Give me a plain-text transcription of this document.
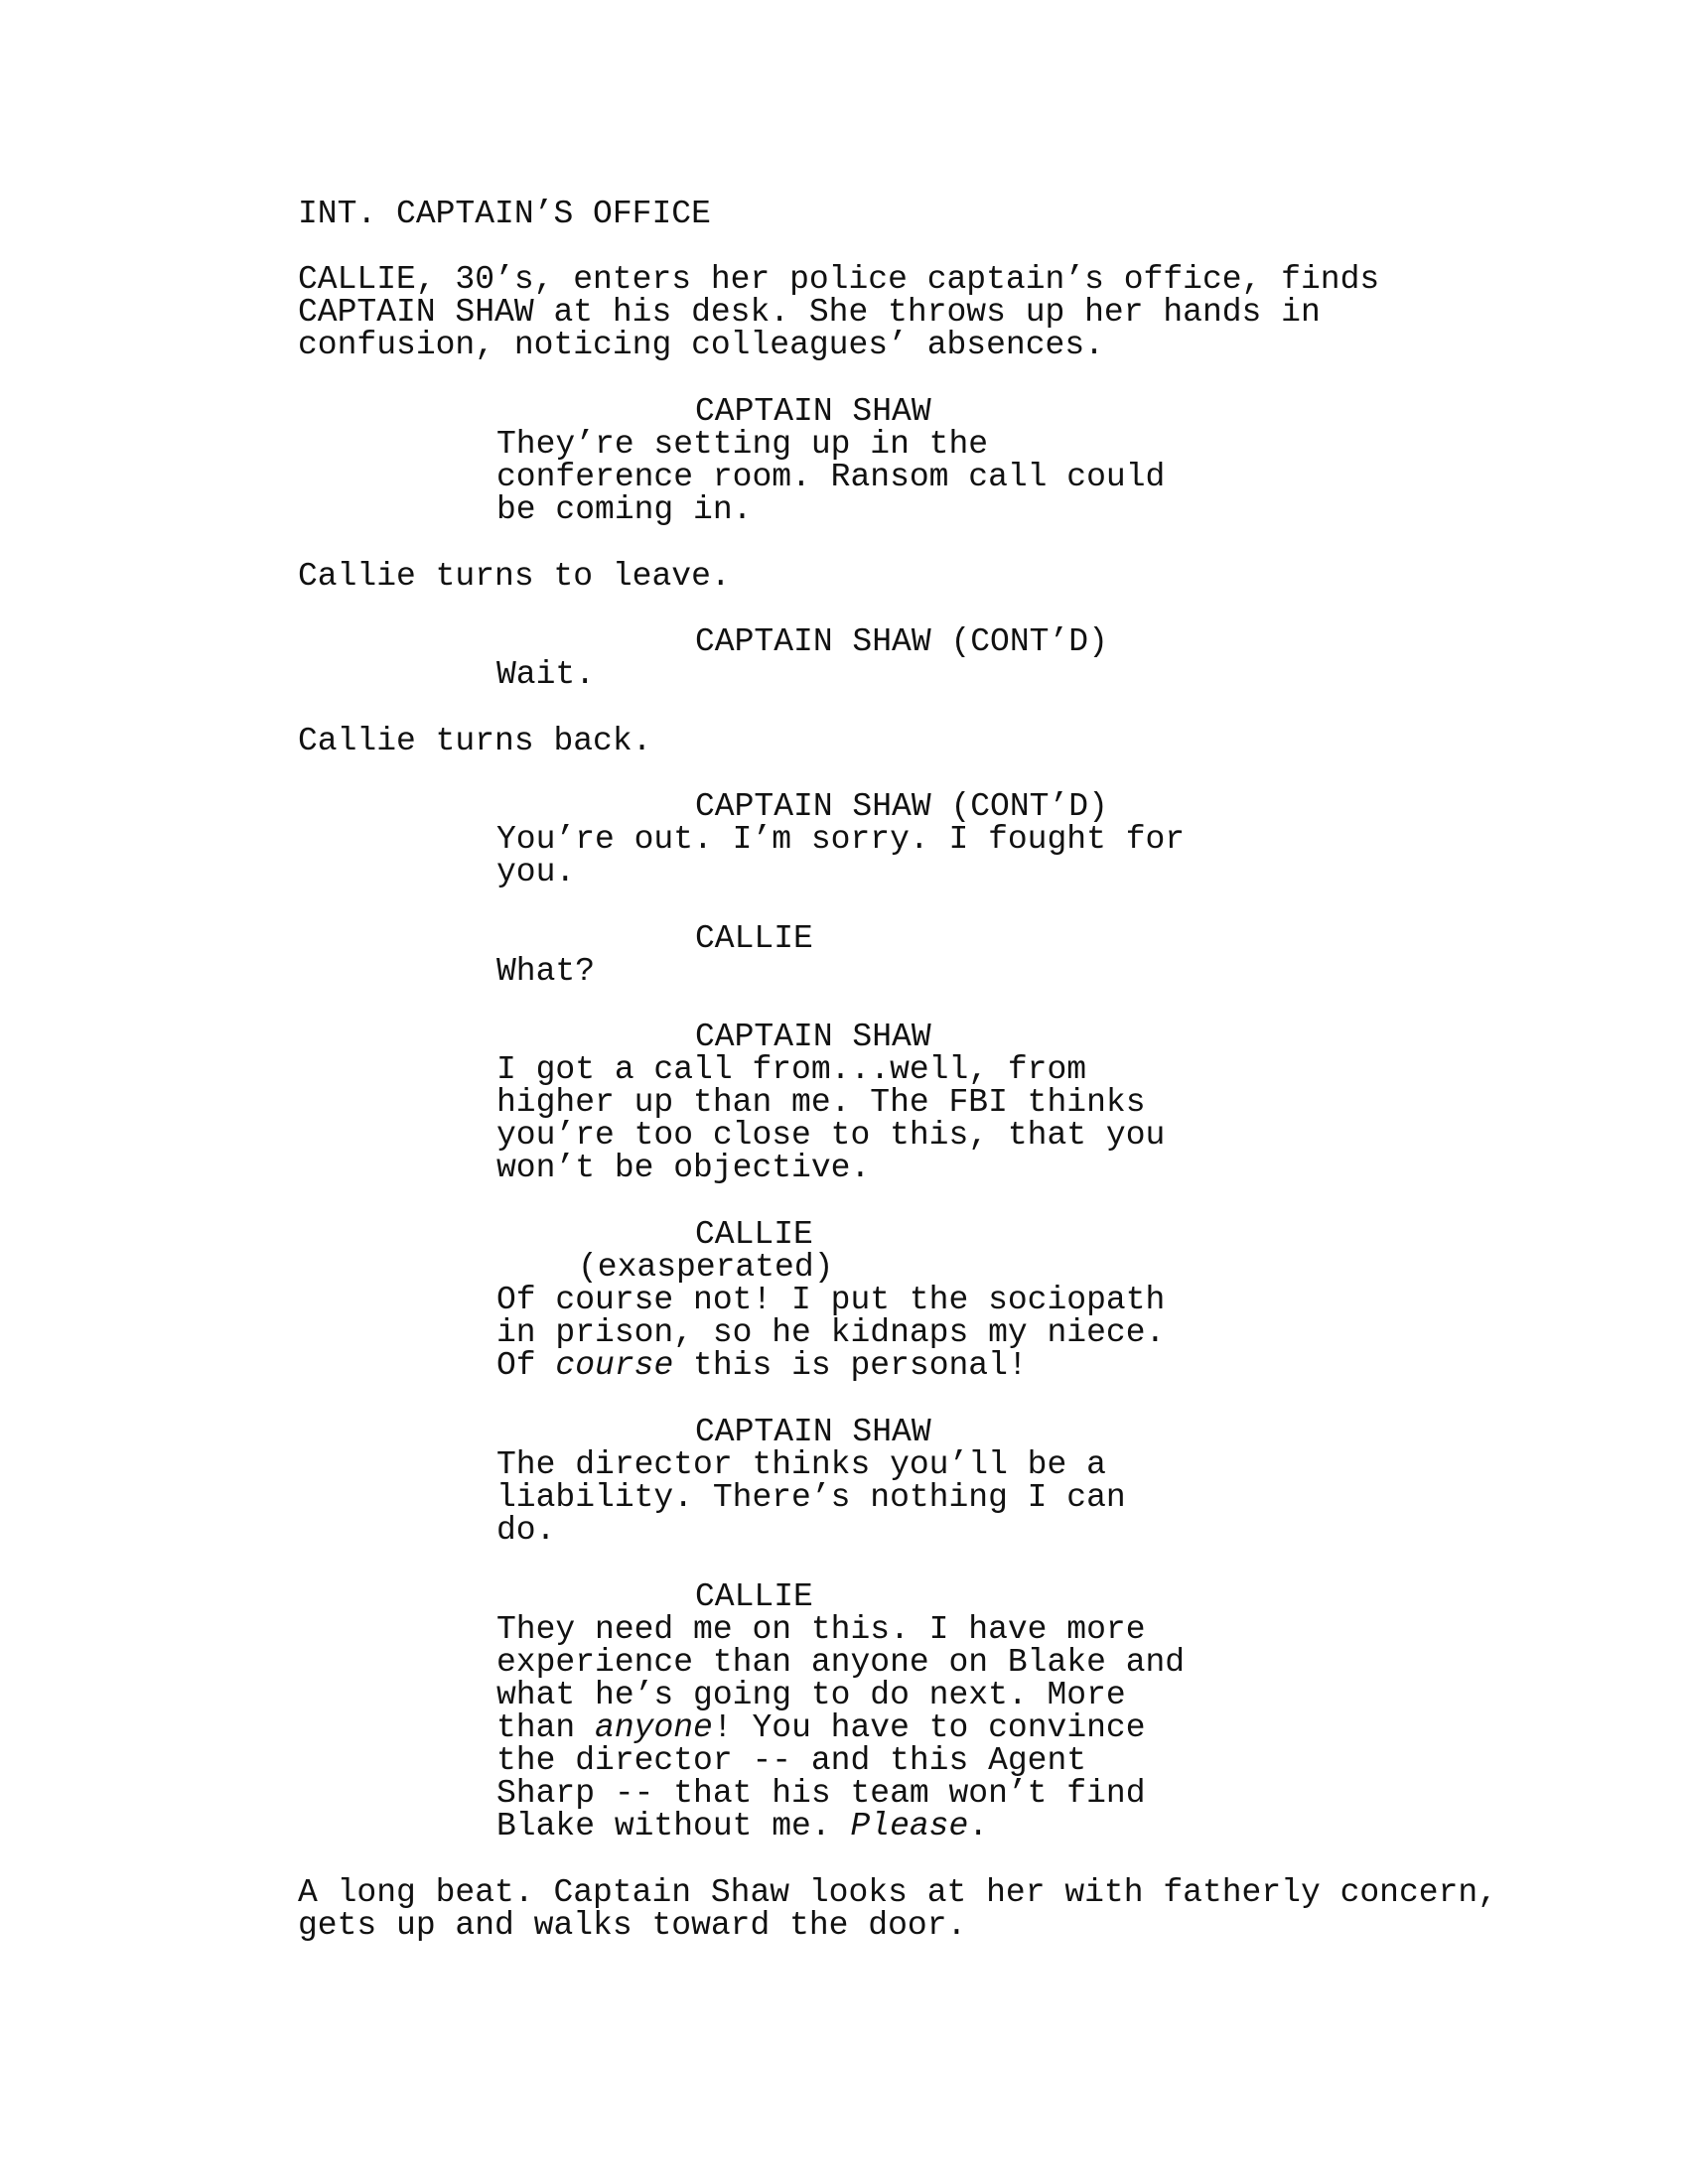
INT. CAPTAIN’S OFFICE
CALLIE, 30’s, enters her police captain’s office, finds
CAPTAIN SHAW at his desk. She throws up her hands in
confusion, noticing colleagues’ absences.
CAPTAIN SHAW
They’re setting up in the
conference room. Ransom call could
be coming in.
Callie turns to leave.
CAPTAIN SHAW (CONT’D)
Wait.
Callie turns back.
CAPTAIN SHAW (CONT’D)
You’re out. I’m sorry. I fought for
you.
CALLIE
What?
CAPTAIN SHAW
I got a call from...well, from
higher up than me. The FBI thinks
you’re too close to this, that you
won’t be objective.
CALLIE
(exasperated)
Of course not! I put the sociopath
in prison, so he kidnaps my niece.
Of course this is personal!
CAPTAIN SHAW
The director thinks you’ll be a
liability. There’s nothing I can
do.
CALLIE
They need me on this. I have more
experience than anyone on Blake and
what he’s going to do next. More
than anyone! You have to convince
the director -- and this Agent
Sharp -- that his team won’t find
Blake without me. Please.
A long beat. Captain Shaw looks at her with fatherly concern,
gets up and walks toward the door.
